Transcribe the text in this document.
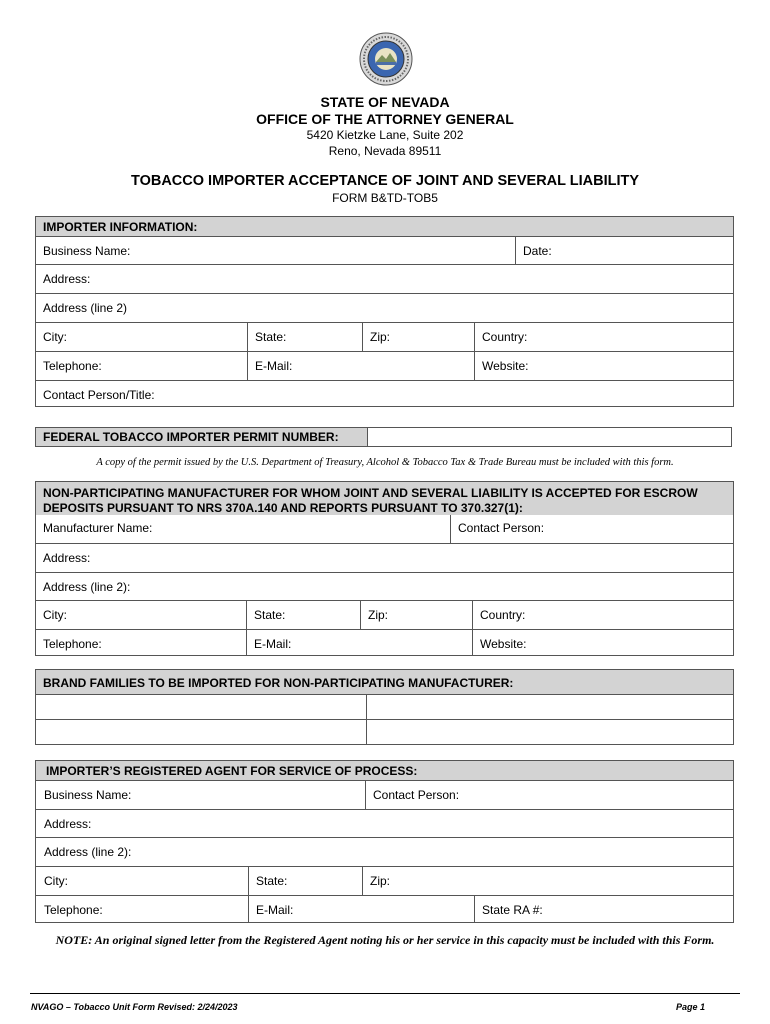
STATE OF NEVADA
OFFICE OF THE ATTORNEY GENERAL
5420 Kietzke Lane, Suite 202
Reno, Nevada 89511
TOBACCO IMPORTER ACCEPTANCE OF JOINT AND SEVERAL LIABILITY
FORM B&TD-TOB5
IMPORTER INFORMATION:
Business Name:	Date:
Address:
Address (line 2)
City:	State:	Zip:	Country:
Telephone:	E-Mail:	Website:
Contact Person/Title:
FEDERAL TOBACCO IMPORTER PERMIT NUMBER:
A copy of the permit issued by the U.S. Department of Treasury, Alcohol & Tobacco Tax & Trade Bureau must be included with this form.
NON-PARTICIPATING MANUFACTURER FOR WHOM JOINT AND SEVERAL LIABILITY IS ACCEPTED FOR ESCROW DEPOSITS PURSUANT TO NRS 370A.140 AND REPORTS PURSUANT TO 370.327(1):
Manufacturer Name:	Contact Person:
Address:
Address (line 2):
City:	State:	Zip:	Country:
Telephone:	E-Mail:	Website:
BRAND FAMILIES TO BE IMPORTED FOR NON-PARTICIPATING MANUFACTURER:
IMPORTER’S REGISTERED AGENT FOR SERVICE OF PROCESS:
Business Name:	Contact Person:
Address:
Address (line 2):
City:	State:	Zip:
Telephone:	E-Mail:	State RA #:
NOTE: An original signed letter from the Registered Agent noting his or her service in this capacity must be included with this Form.
NVAGO – Tobacco Unit Form Revised: 2/24/2023	Page 1
